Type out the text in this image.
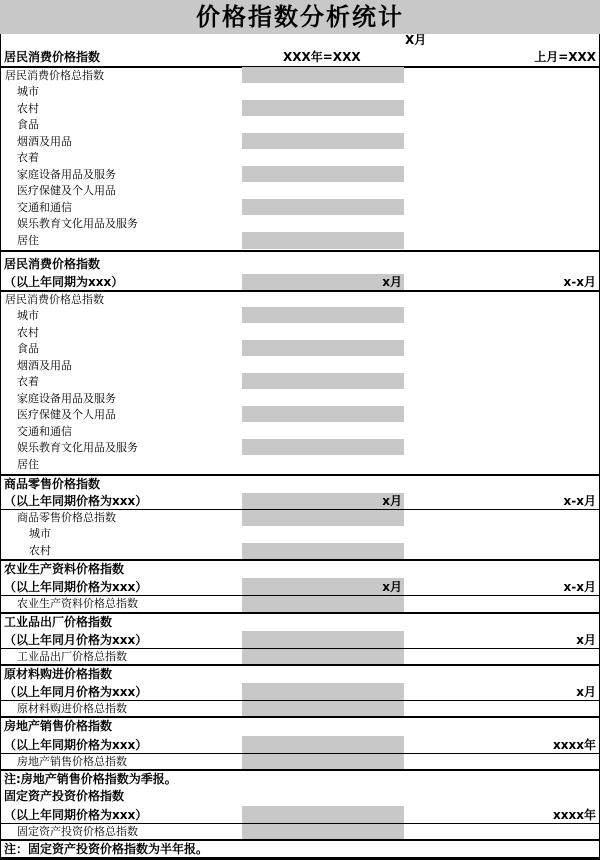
价格指数分析统计
X月
居民消费价格指数	XXX年=XXX	上月=XXX
居民消费价格总指数
城市
农村
食品
烟酒及用品
衣着
家庭设备用品及服务
医疗保健及个人用品
交通和通信
娱乐教育文化用品及服务
居住
居民消费价格指数
（以上年同期为xxx）	x月	x-x月
居民消费价格总指数
城市
农村
食品
烟酒及用品
衣着
家庭设备用品及服务
医疗保健及个人用品
交通和通信
娱乐教育文化用品及服务
居住
商品零售价格指数
（以上年同期价格为xxx）	x月	x-x月
商品零售价格总指数
城市
农村
农业生产资料价格指数
（以上年同期价格为xxx）	x月	x-x月
农业生产资料价格总指数
工业品出厂价格指数
（以上年同月价格为xxx）	x月
工业品出厂价格总指数
原材料购进价格指数
（以上年同月价格为xxx）	x月
原材料购进价格总指数
房地产销售价格指数
（以上年同期价格为xxx）	xxxx年
房地产销售价格总指数
注:房地产销售价格指数为季报。
固定资产投资价格指数
（以上年同期价格为xxx）	xxxx年
固定资产投资价格总指数
注：固定资产投资价格指数为半年报。
